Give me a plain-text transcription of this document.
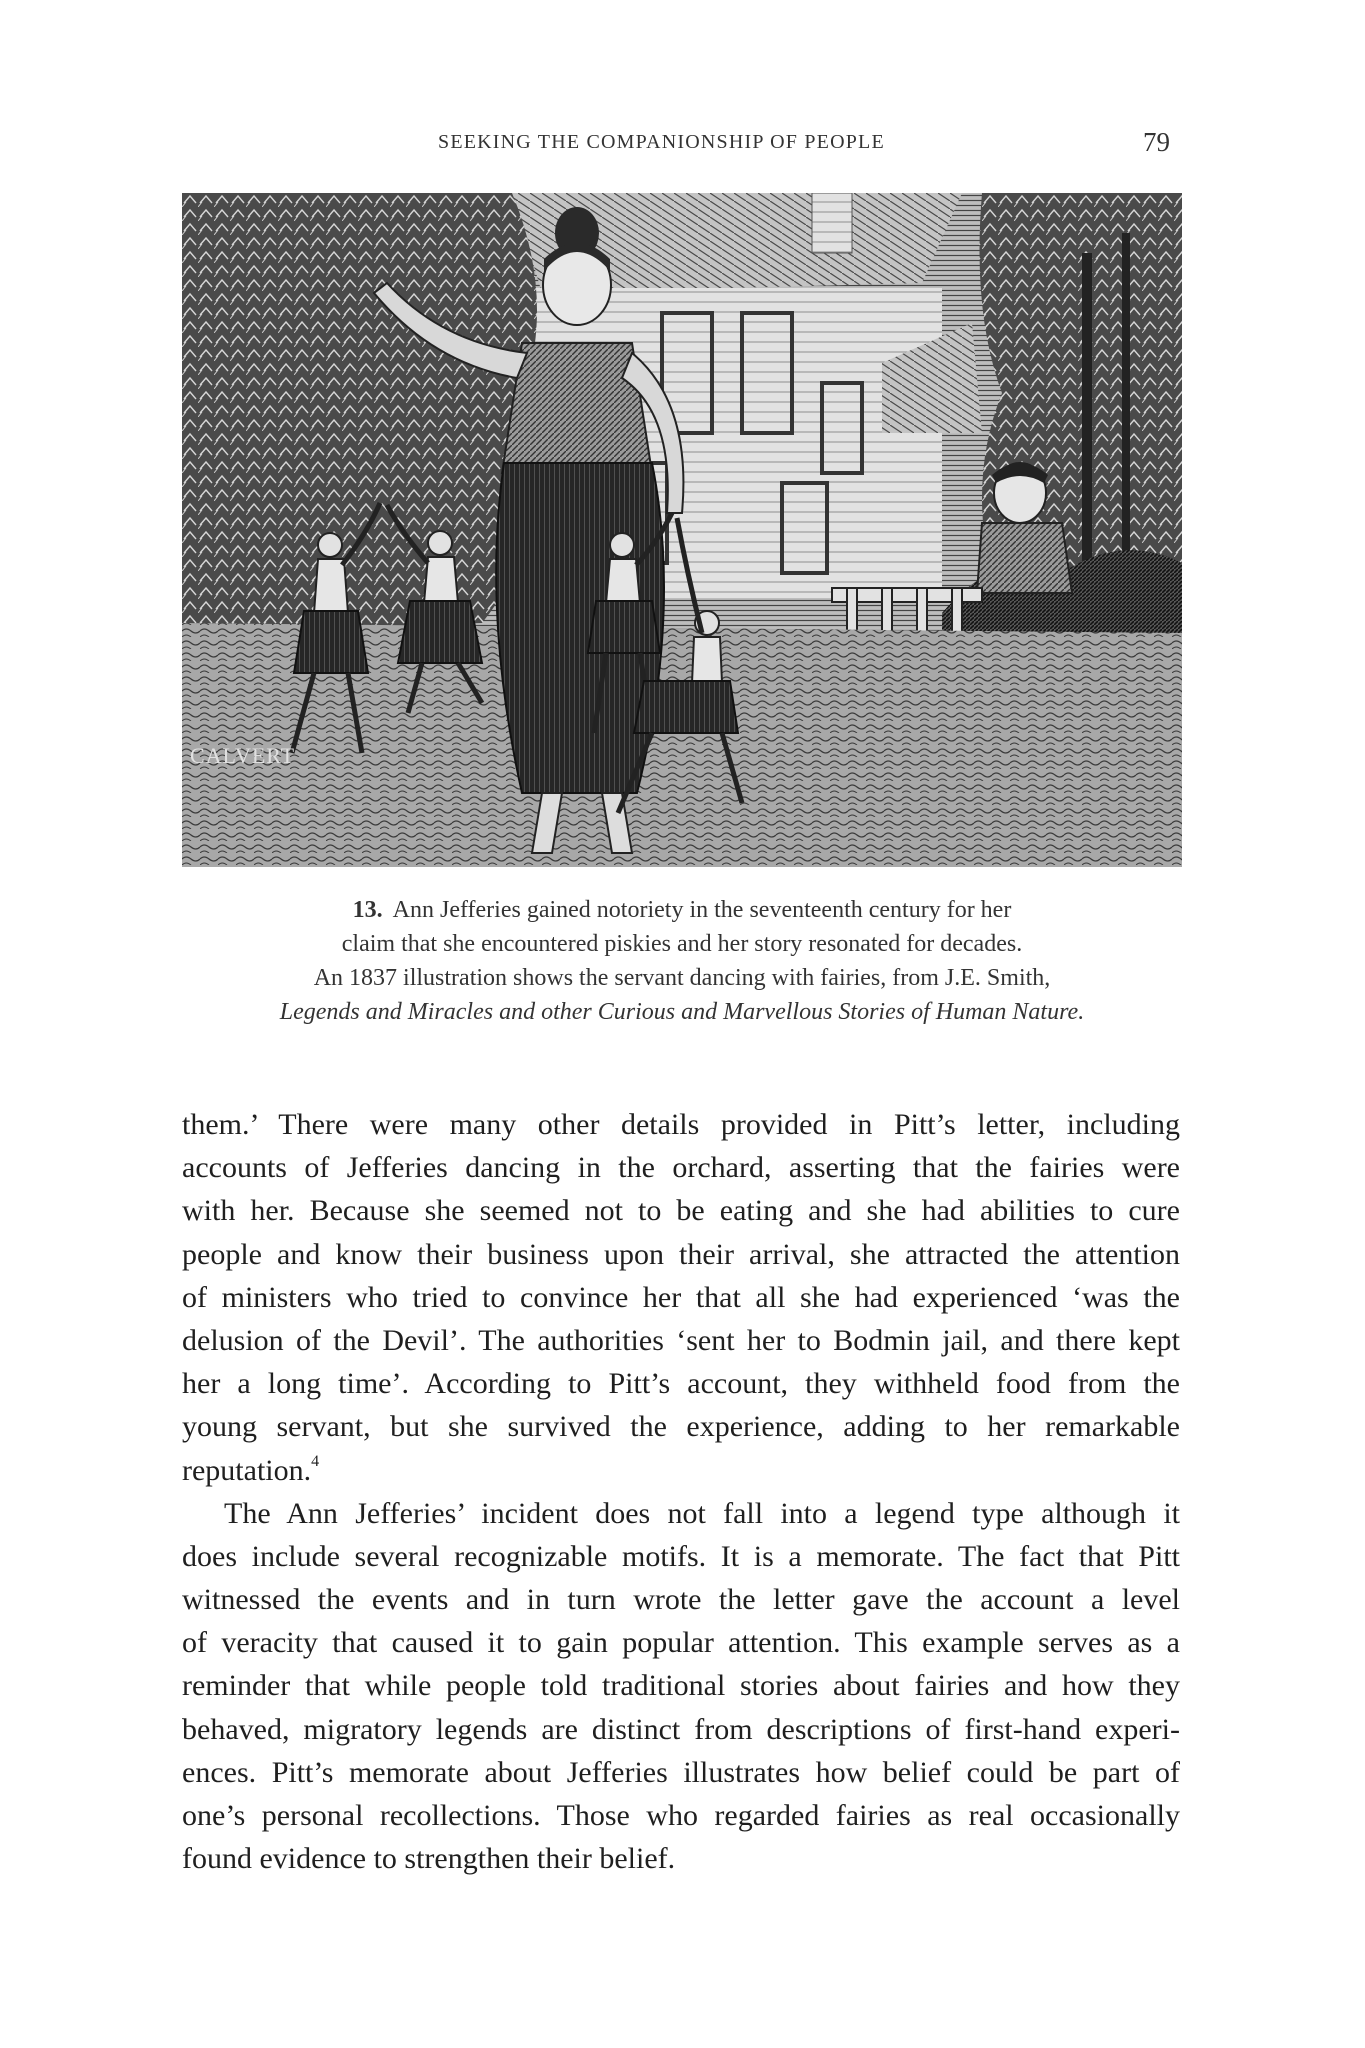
SEEKING THE COMPANIONSHIP OF PEOPLE	79
CALVERT
13. Ann Jefferies gained notoriety in the seventeenth century for her
claim that she encountered piskies and her story resonated for decades.
An 1837 illustration shows the servant dancing with fairies, from J.E. Smith,
Legends and Miracles and other Curious and Marvellous Stories of Human Nature.
them.’ There were many other details provided in Pitt’s letter, including
accounts of Jefferies dancing in the orchard, asserting that the fairies were
with her. Because she seemed not to be eating and she had abilities to cure
people and know their business upon their arrival, she attracted the attention
of ministers who tried to convince her that all she had experienced ‘was the
delusion of the Devil’. The authorities ‘sent her to Bodmin jail, and there kept
her a long time’. According to Pitt’s account, they withheld food from the
young servant, but she survived the experience, adding to her remarkable
reputation.$^4$
The Ann Jefferies’ incident does not fall into a legend type although it
does include several recognizable motifs. It is a memorate. The fact that Pitt
witnessed the events and in turn wrote the letter gave the account a level
of veracity that caused it to gain popular attention. This example serves as a
reminder that while people told traditional stories about fairies and how they
behaved, migratory legends are distinct from descriptions of first-hand experi-
ences. Pitt’s memorate about Jefferies illustrates how belief could be part of
one’s personal recollections. Those who regarded fairies as real occasionally
found evidence to strengthen their belief.
